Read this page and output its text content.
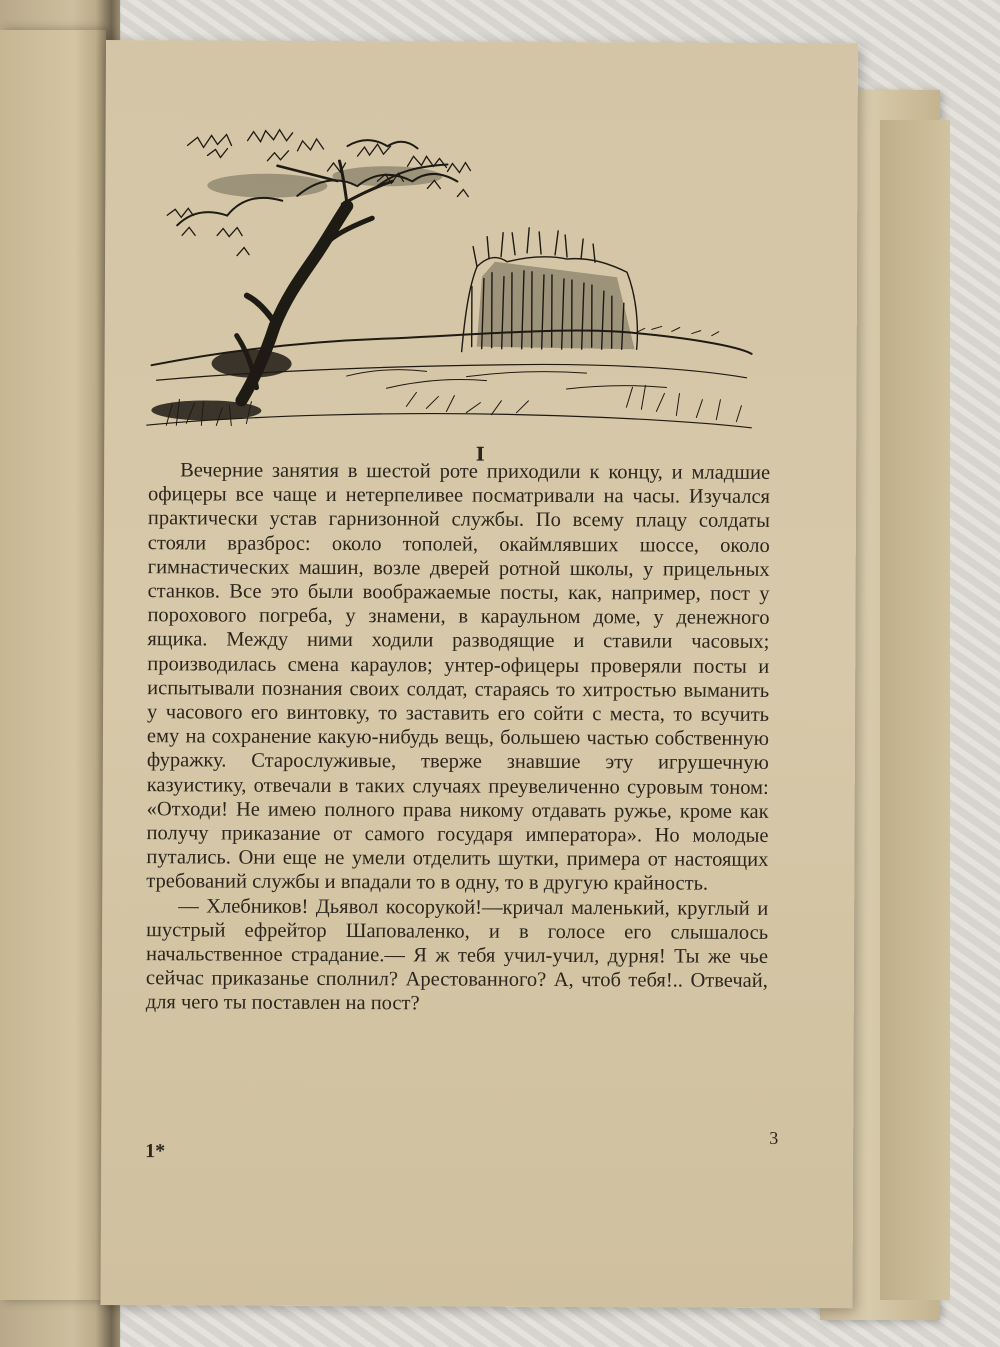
I

Вечерние занятия в шестой роте приходили к концу, и младшие офицеры все чаще и нетерпеливее посматривали на часы. Изучался практически устав гарнизонной службы. По всему плацу солдаты стояли вразброс: около тополей, окаймлявших шоссе, около гимнастических машин, возле дверей ротной школы, у прицельных станков. Все это были воображаемые посты, как, например, пост у порохового погреба, у знамени, в караульном доме, у денежного ящика. Между ними ходили разводящие и ставили часовых; производилась смена караулов; унтер-офицеры проверяли посты и испытывали познания своих солдат, стараясь то хитростью выманить у часового его винтовку, то заставить его сойти с места, то всучить ему на сохранение какую-нибудь вещь, большею частью собственную фуражку. Старослуживые, тверже знавшие эту игрушечную казуистику, отвечали в таких случаях преувеличенно суровым тоном: «Отходи! Не имею полного права никому отдавать ружье, кроме как получу приказание от самого государя императора». Но молодые путались. Они еще не умели отделить шутки, примера от настоящих требований службы и впадали то в одну, то в другую крайность.

— Хлебников! Дьявол косорукой!—кричал маленький, круглый и шустрый ефрейтор Шаповаленко, и в голосе его слышалось начальственное страдание.— Я ж тебя учил-учил, дурня! Ты же чье сейчас приказанье сполнил? Арестованного? А, чтоб тебя!.. Отвечай, для чего ты поставлен на пост?

3
1*
